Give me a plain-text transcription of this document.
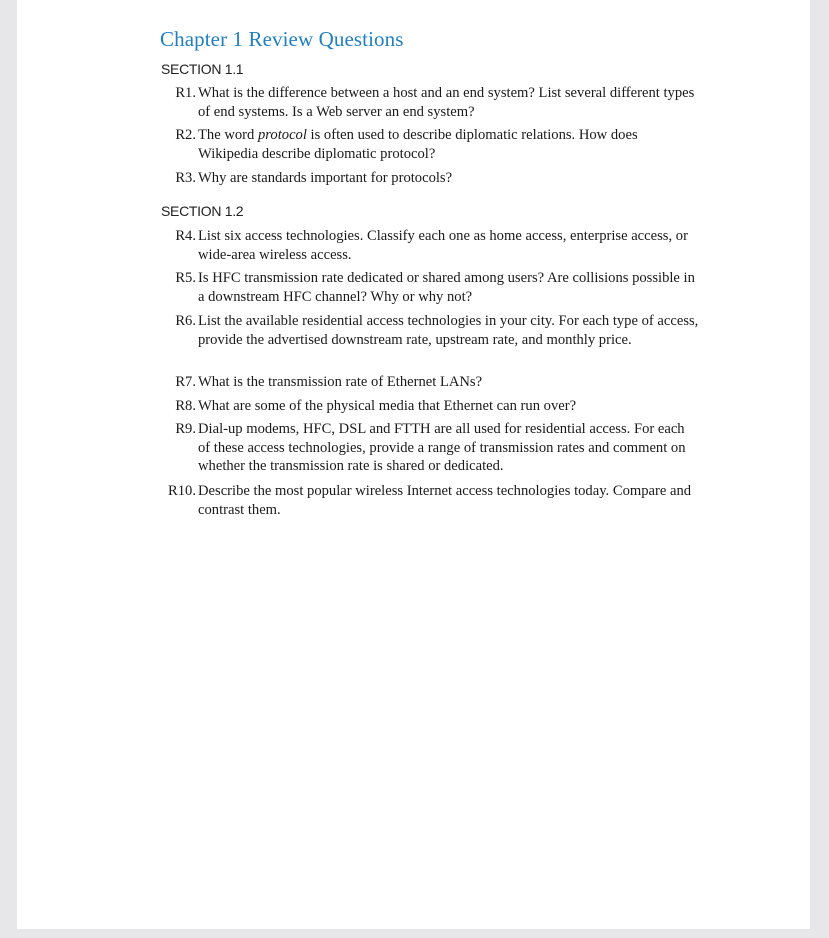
Chapter 1 Review Questions
SECTION 1.1
R1. What is the difference between a host and an end system? List several different types of end systems. Is a Web server an end system?
R2. The word protocol is often used to describe diplomatic relations. How does Wikipedia describe diplomatic protocol?
R3. Why are standards important for protocols?
SECTION 1.2
R4. List six access technologies. Classify each one as home access, enterprise access, or wide-area wireless access.
R5. Is HFC transmission rate dedicated or shared among users? Are collisions possible in a downstream HFC channel? Why or why not?
R6. List the available residential access technologies in your city. For each type of access, provide the advertised downstream rate, upstream rate, and monthly price.
R7. What is the transmission rate of Ethernet LANs?
R8. What are some of the physical media that Ethernet can run over?
R9. Dial-up modems, HFC, DSL and FTTH are all used for residential access. For each of these access technologies, provide a range of transmission rates and comment on whether the transmission rate is shared or dedicated.
R10. Describe the most popular wireless Internet access technologies today. Compare and contrast them.
